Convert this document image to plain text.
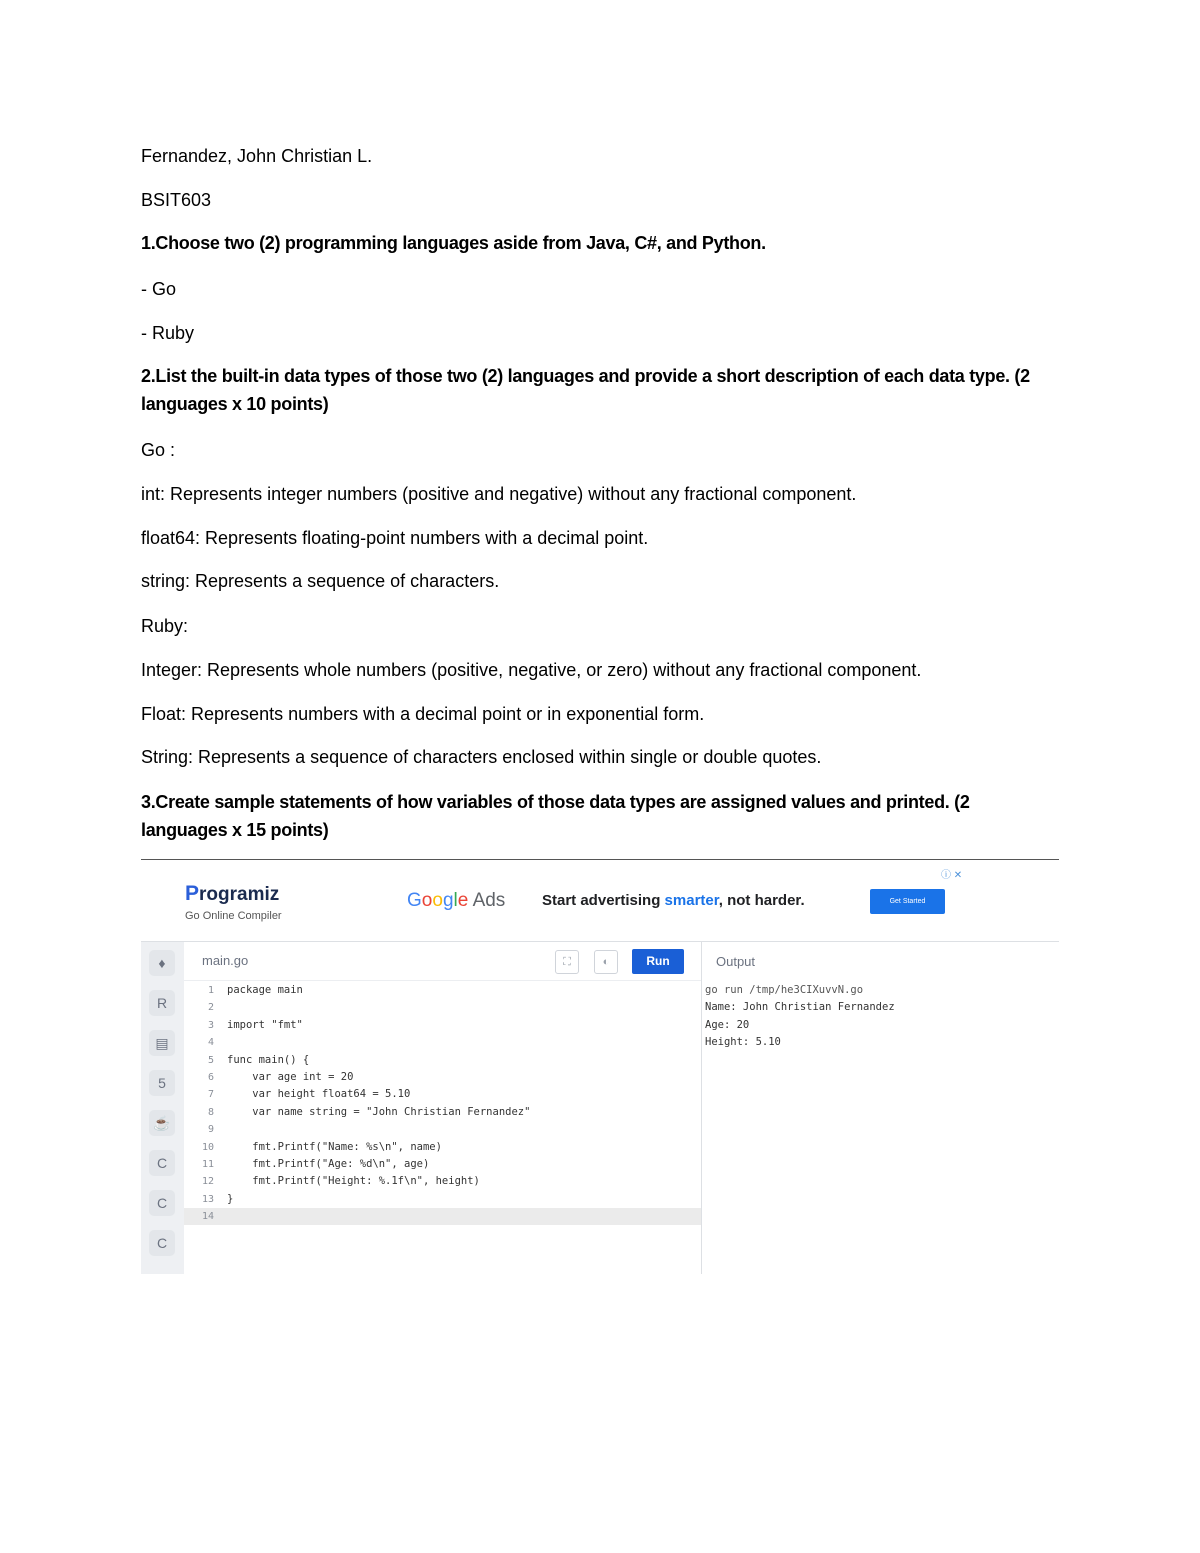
Fernandez, John Christian L.
BSIT603
1.Choose two (2) programming languages aside from Java, C#, and Python.
- Go
- Ruby
2.List the built-in data types of those two (2) languages and provide a short description of each data type. (2 languages x 10 points)
Go :
int: Represents integer numbers (positive and negative) without any fractional component.
float64: Represents floating-point numbers with a decimal point.
string: Represents a sequence of characters.
Ruby:
Integer: Represents whole numbers (positive, negative, or zero) without any fractional component.
Float: Represents numbers with a decimal point or in exponential form.
String: Represents a sequence of characters enclosed within single or double quotes.
3.Create sample statements of how variables of those data types are assigned values and printed. (2 languages x 15 points)
Programiz
Go Online Compiler
ⓘ ✕
Google Ads Start advertising smarter, not harder.	Get Started
♦
R
▤
5
☕
C
C
C
main.go	⛶	◐	Run
1 package main
2
3 import "fmt"
4
5 func main() {
6 var age int = 20
7 var height float64 = 5.10
8 var name string = "John Christian Fernandez"
9
10 fmt.Printf("Name: %s\n", name)
11 fmt.Printf("Age: %d\n", age)
12 fmt.Printf("Height: %.1f\n", height)
13 }
14
Output
go run /tmp/he3CIXuvvN.go
Name: John Christian Fernandez
Age: 20
Height: 5.10
